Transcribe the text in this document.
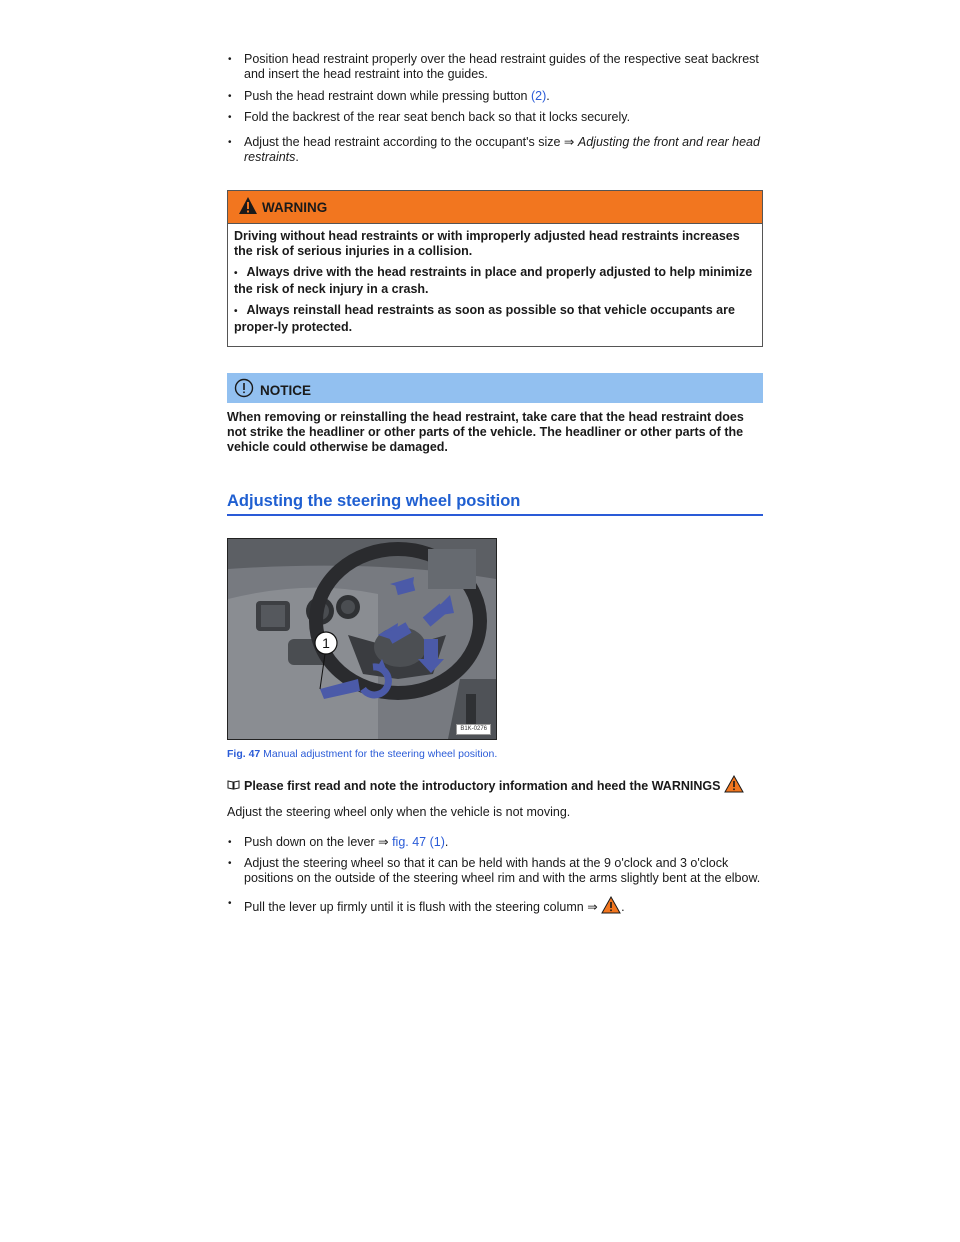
• Position head restraint properly over the head restraint guides of the respective seat backrest and insert the head restraint into the guides.
• Push the head restraint down while pressing button (2).
• Fold the backrest of the rear seat bench back so that it locks securely.
• Adjust the head restraint according to the occupant's size ⇒ Adjusting the front and rear head restraints.
WARNING

Driving without head restraints or with improperly adjusted head restraints increases the risk of serious injuries in a collision.

• Always drive with the head restraints in place and properly adjusted to help minimize the risk of neck injury in a crash.
• Always reinstall head restraints as soon as possible so that vehicle occupants are proper-ly protected.
NOTICE
When removing or reinstalling the head restraint, take care that the head restraint does not strike the headliner or other parts of the vehicle. The headliner or other parts of the vehicle could otherwise be damaged.
Adjusting the steering wheel position
1
B1K-0276
Fig. 47 Manual adjustment for the steering wheel position.
Please first read and note the introductory information and heed the WARNINGS

Adjust the steering wheel only when the vehicle is not moving.

• Push down on the lever ⇒ fig. 47 (1).
• Adjust the steering wheel so that it can be held with hands at the 9 o'clock and 3 o'clock positions on the outside of the steering wheel rim and with the arms slightly bent at the elbow.
• Pull the lever up firmly until it is flush with the steering column ⇒ .
